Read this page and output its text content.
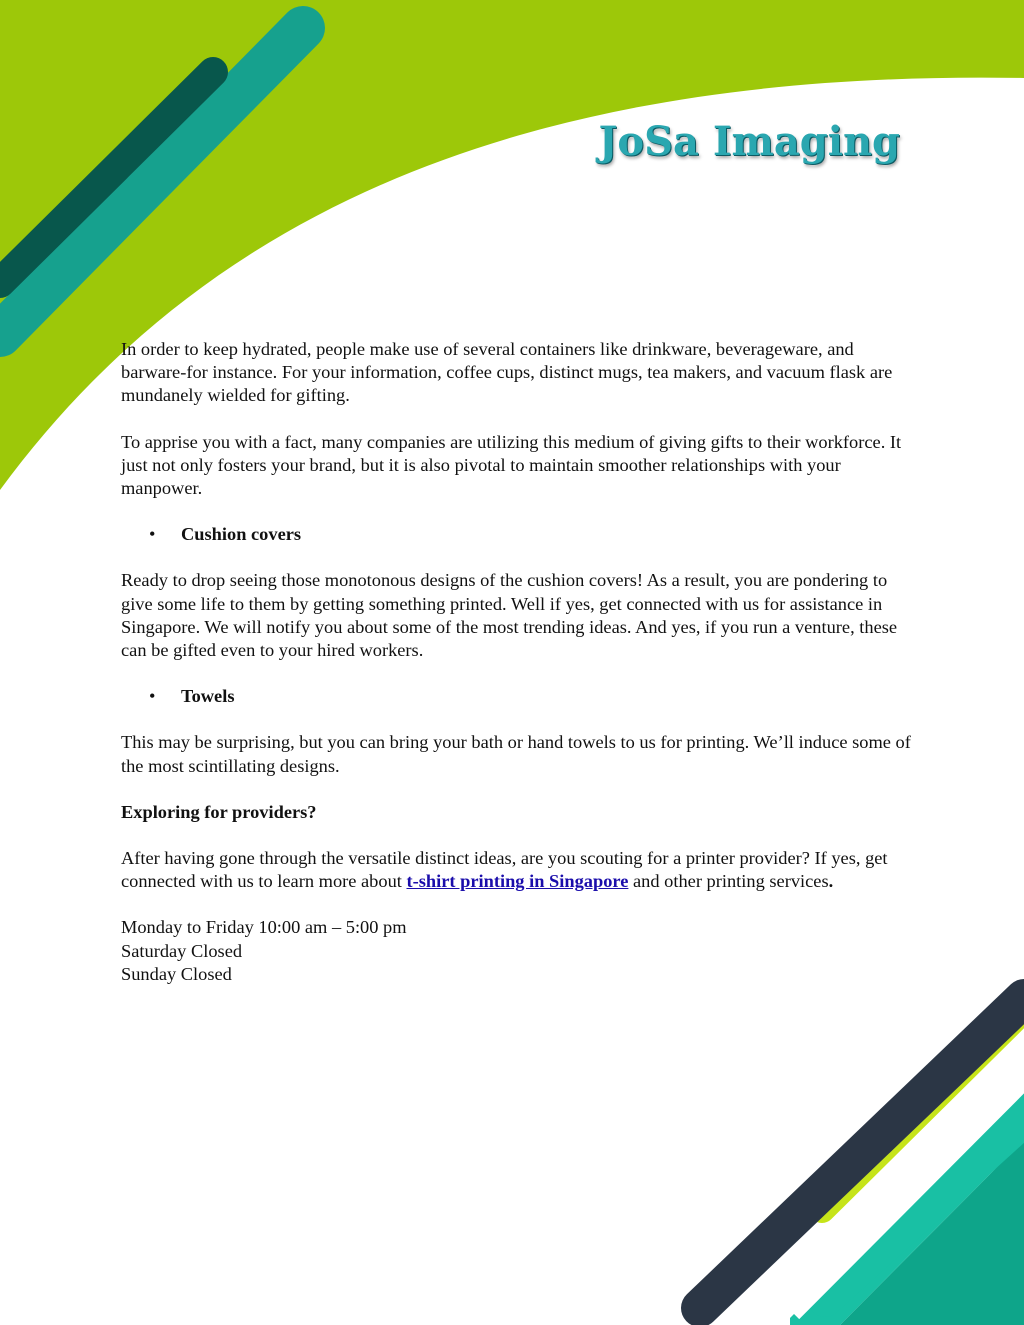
JoSa Imaging

In order to keep hydrated, people make use of several containers like drinkware, beverageware, and barware-for instance. For your information, coffee cups, distinct mugs, tea makers, and vacuum flask are mundanely wielded for gifting.

To apprise you with a fact, many companies are utilizing this medium of giving gifts to their workforce. It just not only fosters your brand, but it is also pivotal to maintain smoother relationships with your manpower.

•	Cushion covers

Ready to drop seeing those monotonous designs of the cushion covers! As a result, you are pondering to give some life to them by getting something printed. Well if yes, get connected with us for assistance in Singapore. We will notify you about some of the most trending ideas. And yes, if you run a venture, these can be gifted even to your hired workers.

•	Towels

This may be surprising, but you can bring your bath or hand towels to us for printing. We’ll induce some of the most scintillating designs.

Exploring for providers?

After having gone through the versatile distinct ideas, are you scouting for a printer provider? If yes, get connected with us to learn more about t-shirt printing in Singapore and other printing services.

Monday to Friday 10:00 am – 5:00 pm
Saturday Closed
Sunday Closed
